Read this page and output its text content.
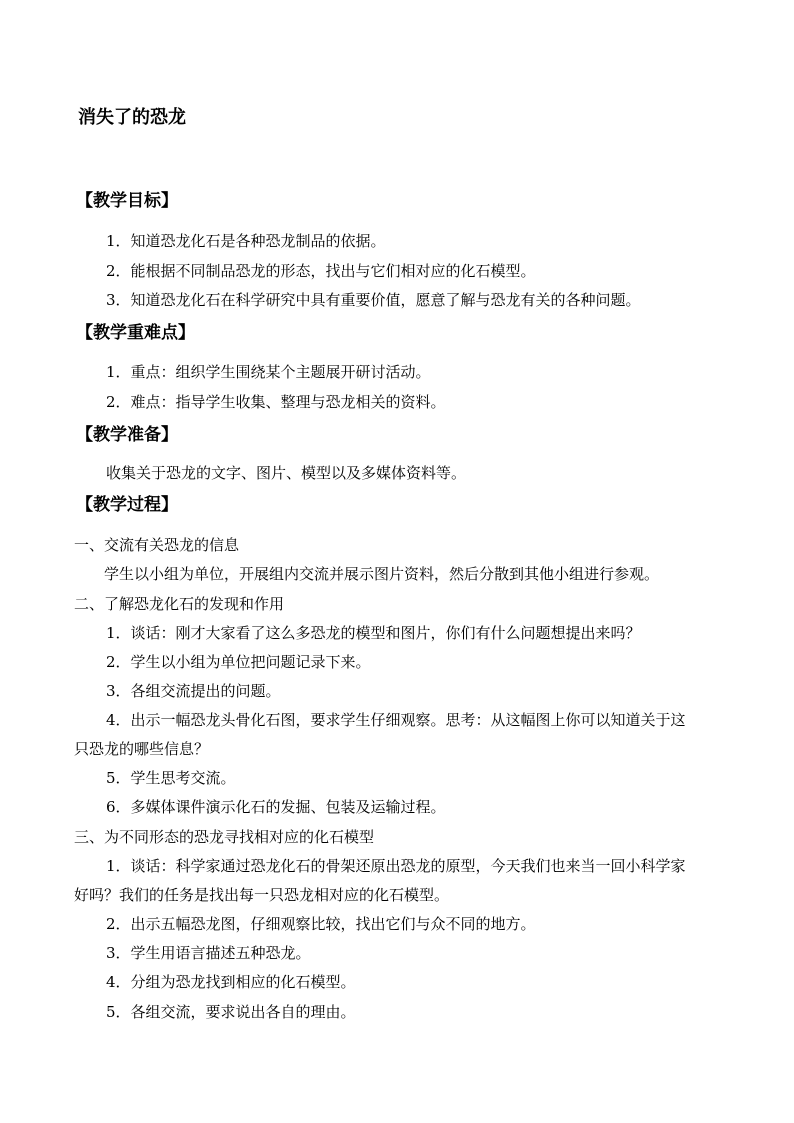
消失了的恐龙
【教学目标】
1．知道恐龙化石是各种恐龙制品的依据。
2．能根据不同制品恐龙的形态，找出与它们相对应的化石模型。
3．知道恐龙化石在科学研究中具有重要价值，愿意了解与恐龙有关的各种问题。
【教学重难点】
1．重点：组织学生围绕某个主题展开研讨活动。
2．难点：指导学生收集、整理与恐龙相关的资料。
【教学准备】
收集关于恐龙的文字、图片、模型以及多媒体资料等。
【教学过程】
一、交流有关恐龙的信息
学生以小组为单位，开展组内交流并展示图片资料，然后分散到其他小组进行参观。
二、了解恐龙化石的发现和作用
1．谈话：刚才大家看了这么多恐龙的模型和图片，你们有什么问题想提出来吗？
2．学生以小组为单位把问题记录下来。
3．各组交流提出的问题。
4．出示一幅恐龙头骨化石图，要求学生仔细观察。思考：从这幅图上你可以知道关于这
只恐龙的哪些信息？
5．学生思考交流。
6．多媒体课件演示化石的发掘、包装及运输过程。
三、为不同形态的恐龙寻找相对应的化石模型
1．谈话：科学家通过恐龙化石的骨架还原出恐龙的原型，今天我们也来当一回小科学家
好吗？我们的任务是找出每一只恐龙相对应的化石模型。
2．出示五幅恐龙图，仔细观察比较，找出它们与众不同的地方。
3．学生用语言描述五种恐龙。
4．分组为恐龙找到相应的化石模型。
5．各组交流，要求说出各自的理由。
